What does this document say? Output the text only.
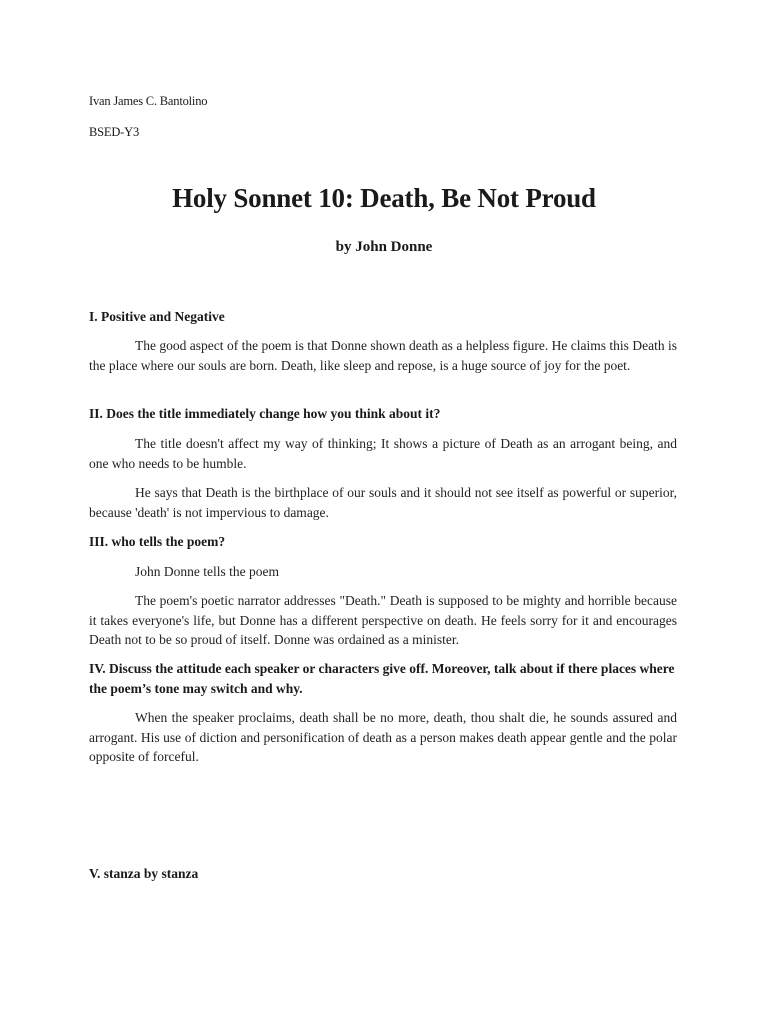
Ivan James C. Bantolino
BSED-Y3
Holy Sonnet 10: Death, Be Not Proud
by John Donne
I. Positive and Negative
The good aspect of the poem is that Donne shown death as a helpless figure. He claims this Death is the place where our souls are born. Death, like sleep and repose, is a huge source of joy for the poet.
II. Does the title immediately change how you think about it?
The title doesn't affect my way of thinking; It shows a picture of Death as an arrogant being, and one who needs to be humble.
He says that Death is the birthplace of our souls and it should not see itself as powerful or superior, because 'death' is not impervious to damage.
III. who tells the poem?
John Donne tells the poem
The poem's poetic narrator addresses "Death." Death is supposed to be mighty and horrible because it takes everyone's life, but Donne has a different perspective on death. He feels sorry for it and encourages Death not to be so proud of itself. Donne was ordained as a minister.
IV. Discuss the attitude each speaker or characters give off. Moreover, talk about if there places where the poem’s tone may switch and why.
When the speaker proclaims, death shall be no more, death, thou shalt die, he sounds assured and arrogant. His use of diction and personification of death as a person makes death appear gentle and the polar opposite of forceful.
V. stanza by stanza
